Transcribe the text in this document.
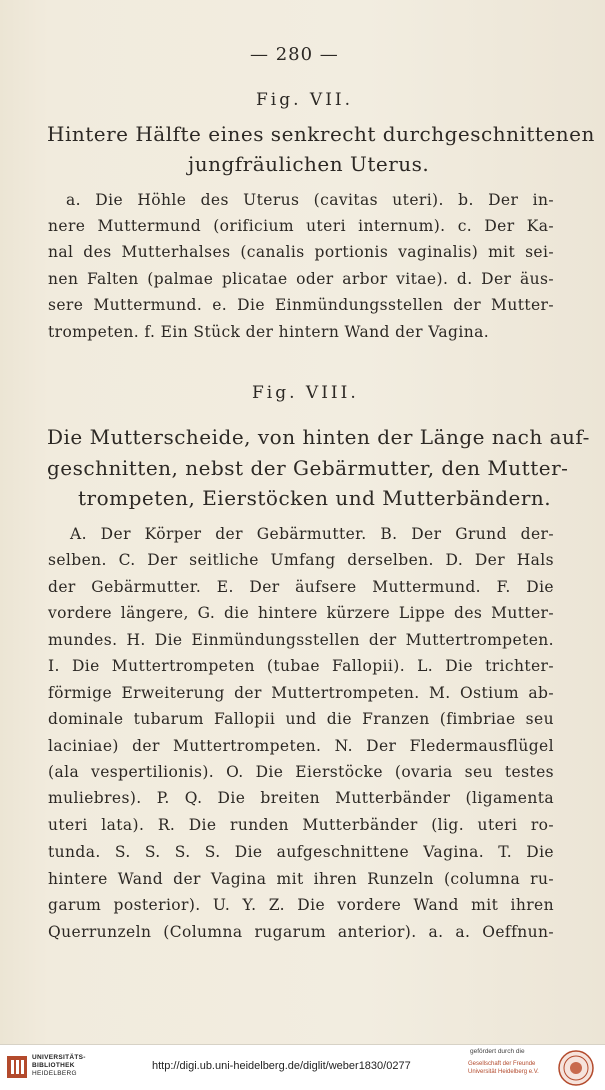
— 280 —

Fig. VII.

Hintere Hälfte eines senkrecht durchgeschnittenen

jungfräulichen Uterus.

a. Die Höhle des Uterus (cavitas uteri). b. Der in-

nere Muttermund (orificium uteri internum). c. Der Ka-

nal des Mutterhalses (canalis portionis vaginalis) mit sei-

nen Falten (palmae plicatae oder arbor vitae). d. Der äus-

sere Muttermund. e. Die Einmündungsstellen der Mutter-

trompeten. f. Ein Stück der hintern Wand der Vagina.

Fig. VIII.

Die Mutterscheide, von hinten der Länge nach auf-

geschnitten, nebst der Gebärmutter, den Mutter-

trompeten, Eierstöcken und Mutterbändern.

A. Der Körper der Gebärmutter. B. Der Grund der-

selben. C. Der seitliche Umfang derselben. D. Der Hals

der Gebärmutter. E. Der äufsere Muttermund. F. Die

vordere längere, G. die hintere kürzere Lippe des Mutter-

mundes. H. Die Einmündungsstellen der Muttertrompeten.

I. Die Muttertrompeten (tubae Fallopii). L. Die trichter-

förmige Erweiterung der Muttertrompeten. M. Ostium ab-

dominale tubarum Fallopii und die Franzen (fimbriae seu

laciniae) der Muttertrompeten. N. Der Fledermausflügel

(ala vespertilionis). O. Die Eierstöcke (ovaria seu testes

muliebres). P. Q. Die breiten Mutterbänder (ligamenta

uteri lata). R. Die runden Mutterbänder (lig. uteri ro-

tunda. S. S. S. S. Die aufgeschnittene Vagina. T. Die

hintere Wand der Vagina mit ihren Runzeln (columna ru-

garum posterior). U. Y. Z. Die vordere Wand mit ihren

Querrunzeln (Columna rugarum anterior). a. a. Oeffnun-

UNIVERSITÄTS-
BIBLIOTHEK
HEIDELBERG
http://digi.ub.uni-heidelberg.de/diglit/weber1830/0277
gefördert durch die
Gesellschaft der Freunde
Universität Heidelberg e.V.
